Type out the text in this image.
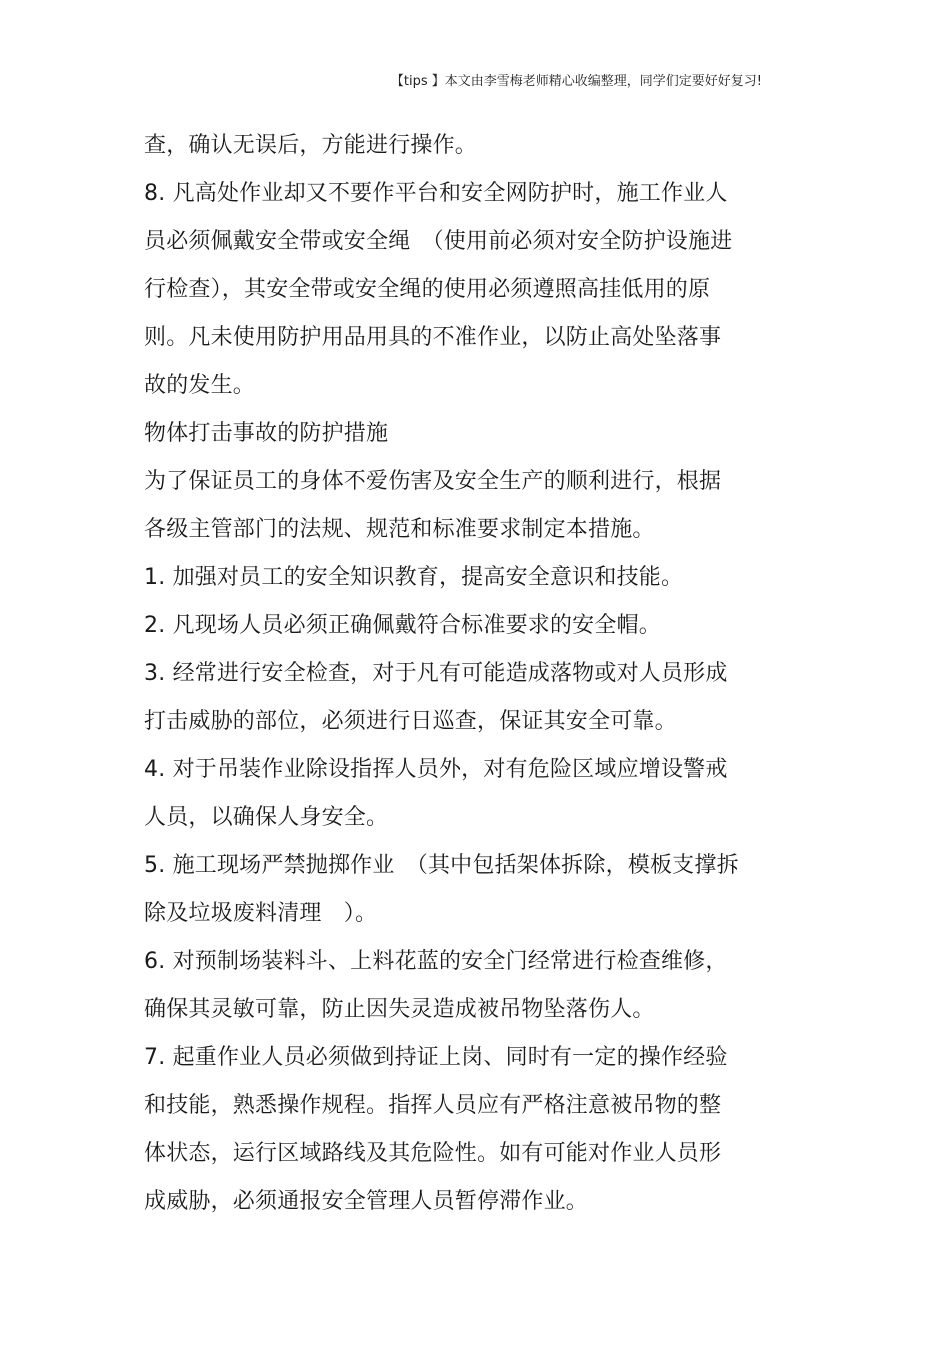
【tips 】本文由李雪梅老师精心收编整理，同学们定要好好复习!
查，确认无误后，方能进行操作。
8. 凡高处作业却又不要作平台和安全网防护时，施工作业人
员必须佩戴安全带或安全绳　（使用前必须对安全防护设施进
行检查），其安全带或安全绳的使用必须遵照高挂低用的原
则。凡未使用防护用品用具的不准作业，以防止高处坠落事
故的发生。
物体打击事故的防护措施
为了保证员工的身体不爱伤害及安全生产的顺利进行，根据
各级主管部门的法规、规范和标准要求制定本措施。
1. 加强对员工的安全知识教育，提高安全意识和技能。
2. 凡现场人员必须正确佩戴符合标准要求的安全帽。
3. 经常进行安全检查，对于凡有可能造成落物或对人员形成
打击威胁的部位，必须进行日巡查，保证其安全可靠。
4. 对于吊装作业除设指挥人员外，对有危险区域应增设警戒
人员，以确保人身安全。
5. 施工现场严禁抛掷作业　（其中包括架体拆除，模板支撑拆
除及垃圾废料清理　）。
6. 对预制场装料斗、上料花蓝的安全门经常进行检查维修，
确保其灵敏可靠，防止因失灵造成被吊物坠落伤人。
7. 起重作业人员必须做到持证上岗、同时有一定的操作经验
和技能，熟悉操作规程。指挥人员应有严格注意被吊物的整
体状态，运行区域路线及其危险性。如有可能对作业人员形
成威胁，必须通报安全管理人员暂停滞作业。
